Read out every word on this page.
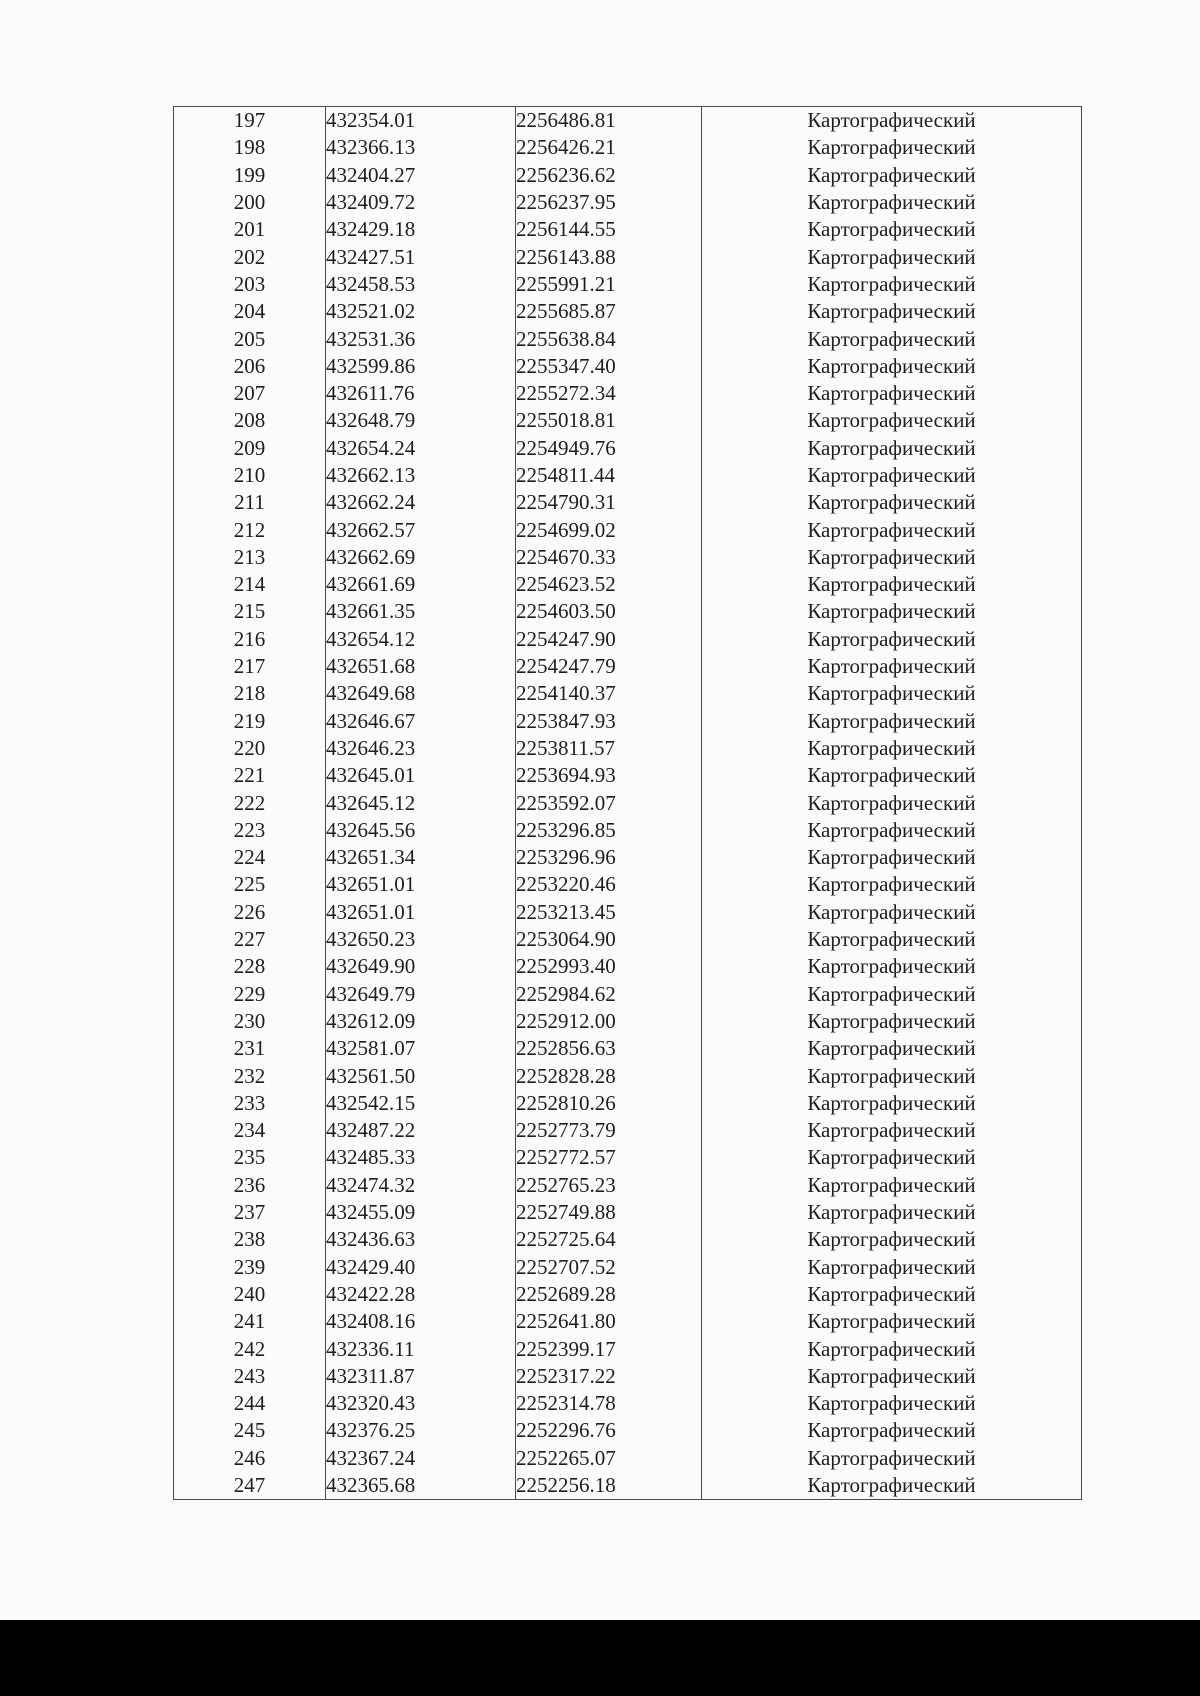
197	432354.01	2256486.81	Картографический
198	432366.13	2256426.21	Картографический
199	432404.27	2256236.62	Картографический
200	432409.72	2256237.95	Картографический
201	432429.18	2256144.55	Картографический
202	432427.51	2256143.88	Картографический
203	432458.53	2255991.21	Картографический
204	432521.02	2255685.87	Картографический
205	432531.36	2255638.84	Картографический
206	432599.86	2255347.40	Картографический
207	432611.76	2255272.34	Картографический
208	432648.79	2255018.81	Картографический
209	432654.24	2254949.76	Картографический
210	432662.13	2254811.44	Картографический
211	432662.24	2254790.31	Картографический
212	432662.57	2254699.02	Картографический
213	432662.69	2254670.33	Картографический
214	432661.69	2254623.52	Картографический
215	432661.35	2254603.50	Картографический
216	432654.12	2254247.90	Картографический
217	432651.68	2254247.79	Картографический
218	432649.68	2254140.37	Картографический
219	432646.67	2253847.93	Картографический
220	432646.23	2253811.57	Картографический
221	432645.01	2253694.93	Картографический
222	432645.12	2253592.07	Картографический
223	432645.56	2253296.85	Картографический
224	432651.34	2253296.96	Картографический
225	432651.01	2253220.46	Картографический
226	432651.01	2253213.45	Картографический
227	432650.23	2253064.90	Картографический
228	432649.90	2252993.40	Картографический
229	432649.79	2252984.62	Картографический
230	432612.09	2252912.00	Картографический
231	432581.07	2252856.63	Картографический
232	432561.50	2252828.28	Картографический
233	432542.15	2252810.26	Картографический
234	432487.22	2252773.79	Картографический
235	432485.33	2252772.57	Картографический
236	432474.32	2252765.23	Картографический
237	432455.09	2252749.88	Картографический
238	432436.63	2252725.64	Картографический
239	432429.40	2252707.52	Картографический
240	432422.28	2252689.28	Картографический
241	432408.16	2252641.80	Картографический
242	432336.11	2252399.17	Картографический
243	432311.87	2252317.22	Картографический
244	432320.43	2252314.78	Картографический
245	432376.25	2252296.76	Картографический
246	432367.24	2252265.07	Картографический
247	432365.68	2252256.18	Картографический
